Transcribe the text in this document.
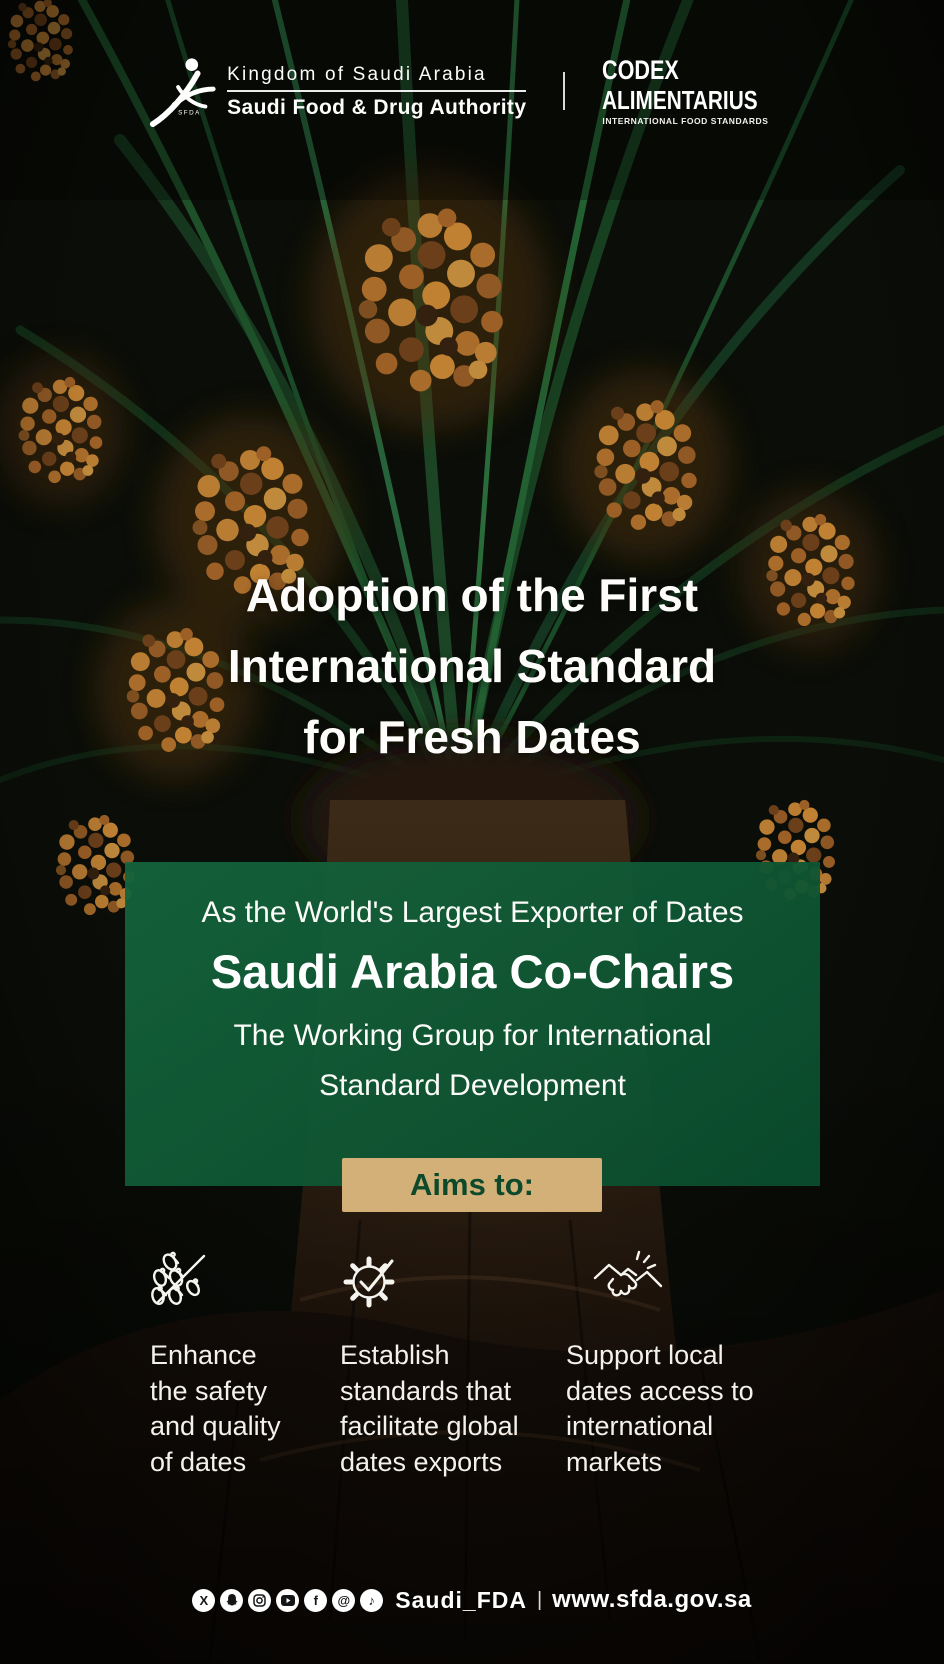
SFDA
Kingdom of Saudi Arabia
Saudi Food & Drug Authority
CODEX
ALIMENTARIUS
INTERNATIONAL FOOD STANDARDS
Adoption of the First
International Standard
for Fresh Dates
As the World's Largest Exporter of Dates
Saudi Arabia Co-Chairs
The Working Group for International
Standard Development
Aims to:
Enhance
the safety
and quality
of dates
Establish
standards that
facilitate global
dates exports
Support local
dates access to
international
markets
X	f @ ♪ Saudi_FDA | www.sfda.gov.sa
